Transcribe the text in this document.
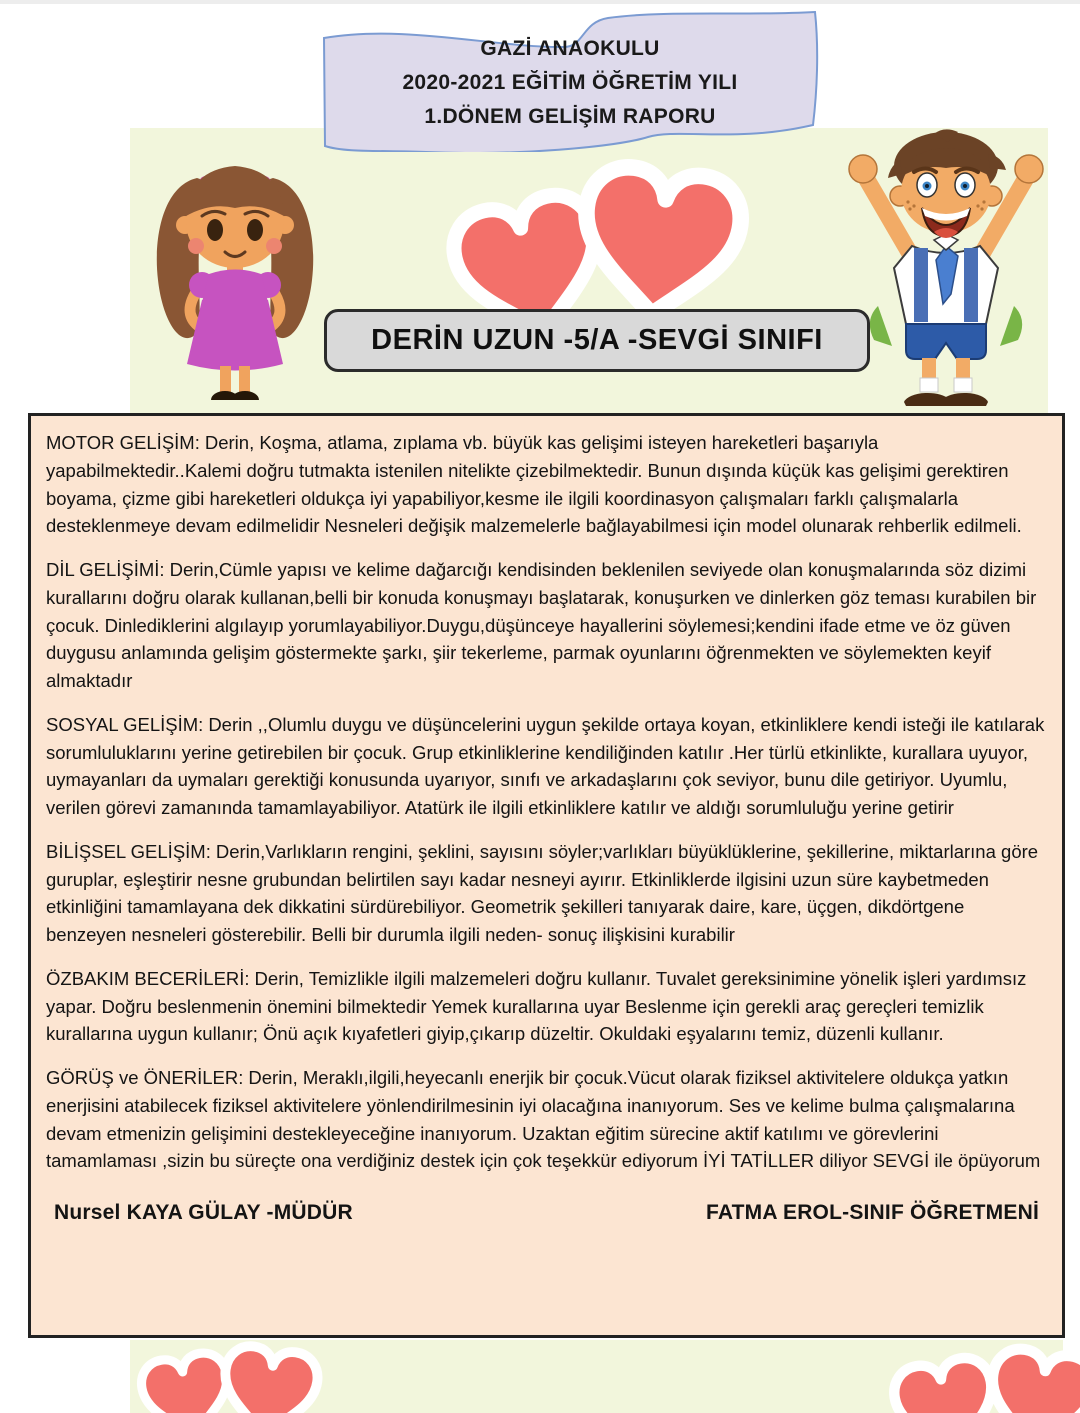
GAZİ ANAOKULU
2020-2021 EĞİTİM ÖĞRETİM YILI
1.DÖNEM GELİŞİM RAPORU
DERİN UZUN -5/A -SEVGİ SINIFI

MOTOR GELİŞİM: Derin, Koşma, atlama, zıplama vb. büyük kas gelişimi isteyen hareketleri başarıyla yapabilmektedir..Kalemi doğru tutmakta istenilen nitelikte çizebilmektedir. Bunun dışında küçük kas gelişimi gerektiren boyama, çizme gibi hareketleri oldukça iyi yapabiliyor,kesme ile ilgili koordinasyon çalışmaları farklı çalışmalarla desteklenmeye devam edilmelidir Nesneleri değişik malzemelerle bağlayabilmesi için model olunarak rehberlik edilmeli.

DİL GELİŞİMİ: Derin,Cümle yapısı ve kelime dağarcığı kendisinden beklenilen seviyede olan konuşmalarında söz dizimi kurallarını doğru olarak kullanan,belli bir konuda konuşmayı başlatarak, konuşurken ve dinlerken göz teması kurabilen bir çocuk. Dinlediklerini algılayıp yorumlayabiliyor.Duygu,düşünceye hayallerini söylemesi;kendini ifade etme ve öz güven duygusu anlamında gelişim göstermekte şarkı, şiir tekerleme, parmak oyunlarını öğrenmekten ve söylemekten keyif almaktadır

SOSYAL GELİŞİM: Derin ,,Olumlu duygu ve düşüncelerini uygun şekilde ortaya koyan, etkinliklere kendi isteği ile katılarak sorumluluklarını yerine getirebilen bir çocuk. Grup etkinliklerine kendiliğinden katılır .Her türlü etkinlikte, kurallara uyuyor, uymayanları da uymaları gerektiği konusunda uyarıyor, sınıfı ve arkadaşlarını çok seviyor, bunu dile getiriyor. Uyumlu, verilen görevi zamanında tamamlayabiliyor. Atatürk ile ilgili etkinliklere katılır ve aldığı sorumluluğu yerine getirir

BİLİŞSEL GELİŞİM: Derin,Varlıkların rengini, şeklini, sayısını söyler;varlıkları büyüklüklerine, şekillerine, miktarlarına göre guruplar, eşleştirir nesne grubundan belirtilen sayı kadar nesneyi ayırır. Etkinliklerde ilgisini uzun süre kaybetmeden etkinliğini tamamlayana dek dikkatini sürdürebiliyor. Geometrik şekilleri tanıyarak daire, kare, üçgen, dikdörtgene benzeyen nesneleri gösterebilir. Belli bir durumla ilgili neden- sonuç ilişkisini kurabilir

ÖZBAKIM BECERİLERİ: Derin, Temizlikle ilgili malzemeleri doğru kullanır. Tuvalet gereksinimine yönelik işleri yardımsız yapar. Doğru beslenmenin önemini bilmektedir Yemek kurallarına uyar Beslenme için gerekli araç gereçleri temizlik kurallarına uygun kullanır; Önü açık kıyafetleri giyip,çıkarıp düzeltir. Okuldaki eşyalarını temiz, düzenli kullanır.

GÖRÜŞ ve ÖNERİLER: Derin, Meraklı,ilgili,heyecanlı enerjik bir çocuk.Vücut olarak fiziksel aktivitelere oldukça yatkın enerjisini atabilecek fiziksel aktivitelere yönlendirilmesinin iyi olacağına inanıyorum. Ses ve kelime bulma çalışmalarına devam etmenizin gelişimini destekleyeceğine inanıyorum. Uzaktan eğitim sürecine aktif katılımı ve görevlerini tamamlaması ,sizin bu süreçte ona verdiğiniz destek için çok teşekkür ediyorum İYİ TATİLLER diliyor SEVGİ ile öpüyorum

Nursel KAYA GÜLAY -MÜDÜR	FATMA EROL-SINIF ÖĞRETMENİ
